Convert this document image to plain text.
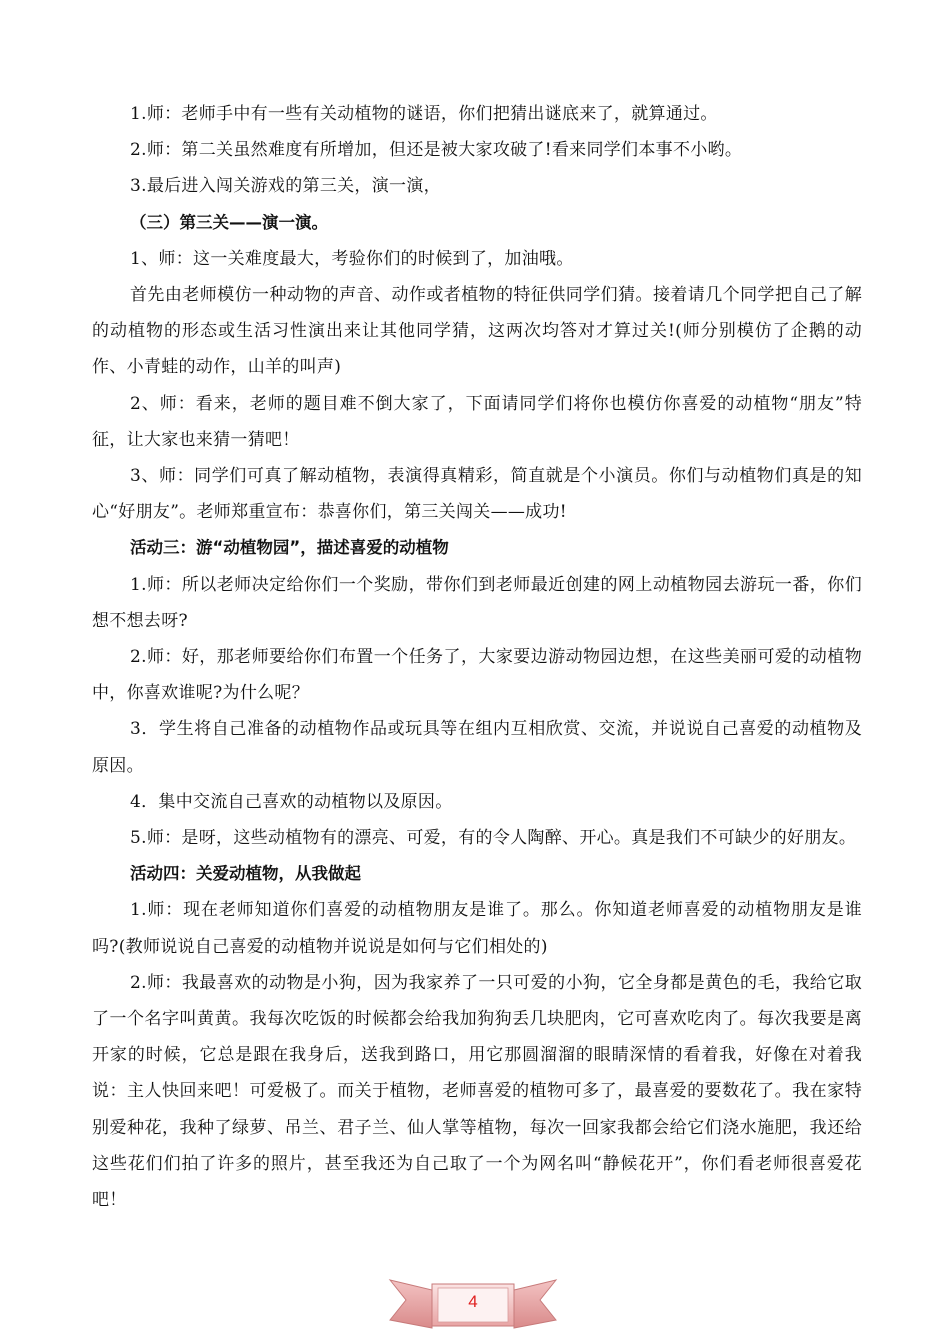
1.师：老师手中有一些有关动植物的谜语，你们把猜出谜底来了，就算通过。

2.师：第二关虽然难度有所增加，但还是被大家攻破了!看来同学们本事不小哟。

3.最后进入闯关游戏的第三关，演一演，

（三）第三关——演一演。

1、师：这一关难度最大，考验你们的时候到了，加油哦。

首先由老师模仿一种动物的声音、动作或者植物的特征供同学们猜。接着请几个同学把自己了解的动植物的形态或生活习性演出来让其他同学猜，这两次均答对才算过关!(师分别模仿了企鹅的动作、小青蛙的动作，山羊的叫声)

2、师：看来，老师的题目难不倒大家了，下面请同学们将你也模仿你喜爱的动植物“朋友”特征，让大家也来猜一猜吧！

3、师：同学们可真了解动植物，表演得真精彩，简直就是个小演员。你们与动植物们真是的知心“好朋友”。老师郑重宣布：恭喜你们，第三关闯关——成功!

活动三：游“动植物园”，描述喜爱的动植物

1.师：所以老师决定给你们一个奖励，带你们到老师最近创建的网上动植物园去游玩一番，你们想不想去呀?

2.师：好，那老师要给你们布置一个任务了，大家要边游动物园边想，在这些美丽可爱的动植物中，你喜欢谁呢?为什么呢？

3．学生将自己准备的动植物作品或玩具等在组内互相欣赏、交流，并说说自己喜爱的动植物及原因。

4．集中交流自己喜欢的动植物以及原因。

5.师：是呀，这些动植物有的漂亮、可爱，有的令人陶醉、开心。真是我们不可缺少的好朋友。

活动四：关爱动植物，从我做起

1.师：现在老师知道你们喜爱的动植物朋友是谁了。那么。你知道老师喜爱的动植物朋友是谁吗?(教师说说自己喜爱的动植物并说说是如何与它们相处的)

2.师：我最喜欢的动物是小狗，因为我家养了一只可爱的小狗，它全身都是黄色的毛，我给它取了一个名字叫黄黄。我每次吃饭的时候都会给我加狗狗丢几块肥肉，它可喜欢吃肉了。每次我要是离开家的时候，它总是跟在我身后，送我到路口，用它那圆溜溜的眼睛深情的看着我，好像在对着我说：主人快回来吧！可爱极了。而关于植物，老师喜爱的植物可多了，最喜爱的要数花了。我在家特别爱种花，我种了绿萝、吊兰、君子兰、仙人掌等植物，每次一回家我都会给它们浇水施肥，我还给这些花们们拍了许多的照片，甚至我还为自己取了一个为网名叫“静候花开”，你们看老师很喜爱花吧！

4
